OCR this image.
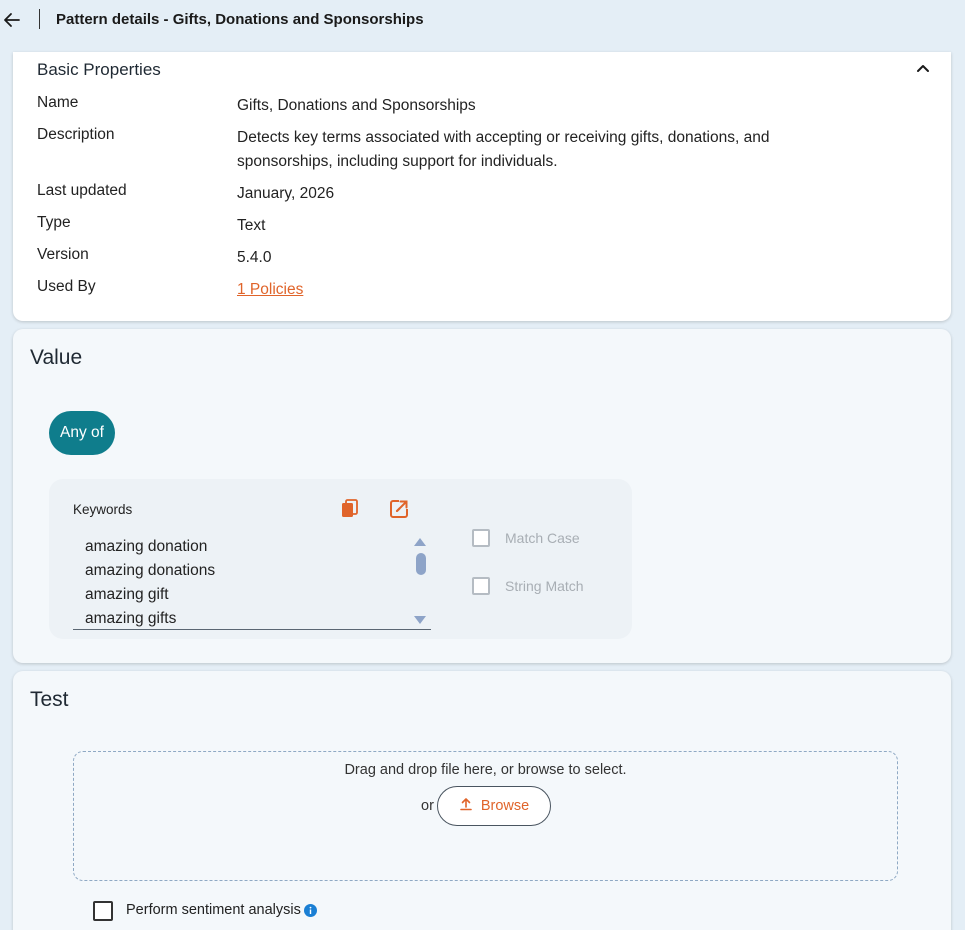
Pattern details - Gifts, Donations and Sponsorships
Basic Properties
Name	Gifts, Donations and Sponsorships
Description	Detects key terms associated with accepting or receiving gifts, donations, and sponsorships, including support for individuals.
Last updated	January, 2026
Type	Text
Version	5.4.0
Used By	1 Policies
Value
Any of
Keywords
amazing donation
amazing donations
amazing gift
amazing gifts
Match Case
String Match
Test
Drag and drop file here, or browse to select.
or	Browse
Perform sentiment analysis
